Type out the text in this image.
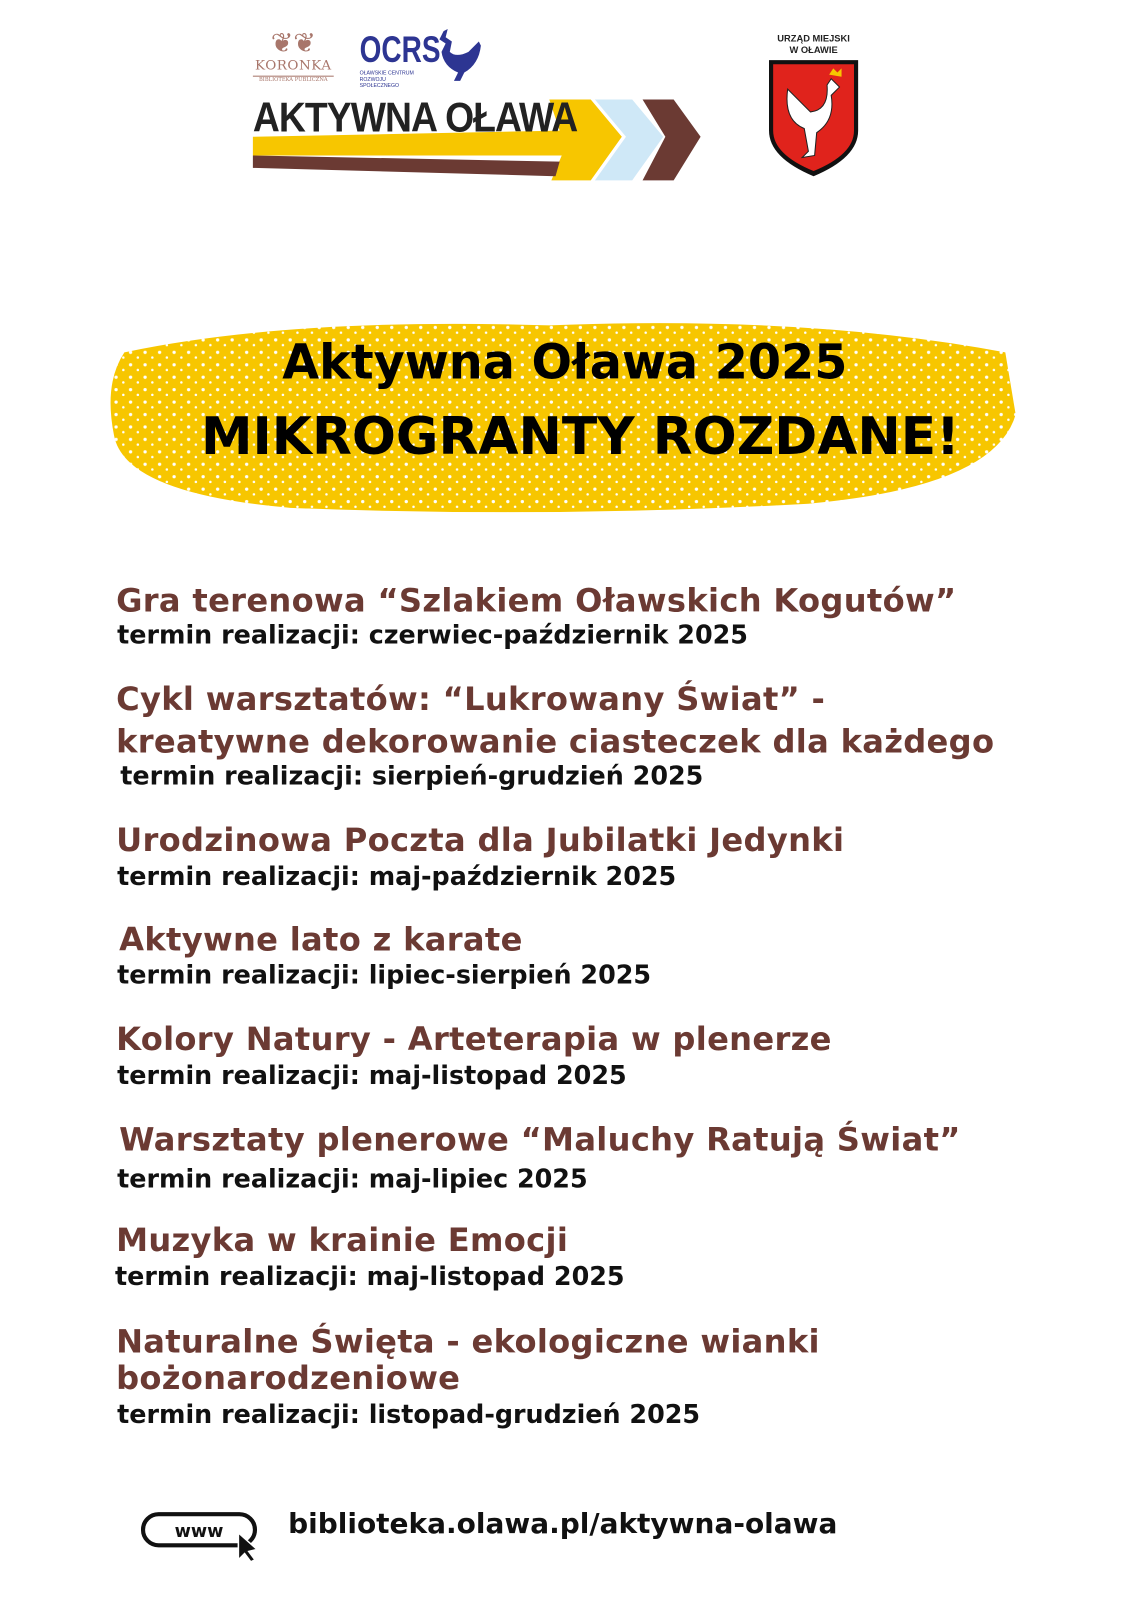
❦❦
KORONKA
BIBLIOTEKA PUBLICZNA
OCRS
OŁAWSKIE CENTRUM ROZWOJU SPOŁECZNEGO
AKTYWNA OŁAWA
URZĄD MIEJSKI
W OŁAWIE
Aktywna Oława 2025
MIKROGRANTY ROZDANE!
Gra terenowa “Szlakiem Oławskich Kogutów”
termin realizacji: czerwiec-październik 2025
Cykl warsztatów: “Lukrowany Świat” -
kreatywne dekorowanie ciasteczek dla każdego
termin realizacji: sierpień-grudzień 2025
Urodzinowa Poczta dla Jubilatki Jedynki
termin realizacji: maj-październik 2025
Aktywne lato z karate
termin realizacji: lipiec-sierpień 2025
Kolory Natury - Arteterapia w plenerze
termin realizacji: maj-listopad 2025
Warsztaty plenerowe “Maluchy Ratują Świat”
termin realizacji: maj-lipiec 2025
Muzyka w krainie Emocji
termin realizacji: maj-listopad 2025
Naturalne Święta - ekologiczne wianki
bożonarodzeniowe
termin realizacji: listopad-grudzień 2025
www biblioteka.olawa.pl/aktywna-olawa
